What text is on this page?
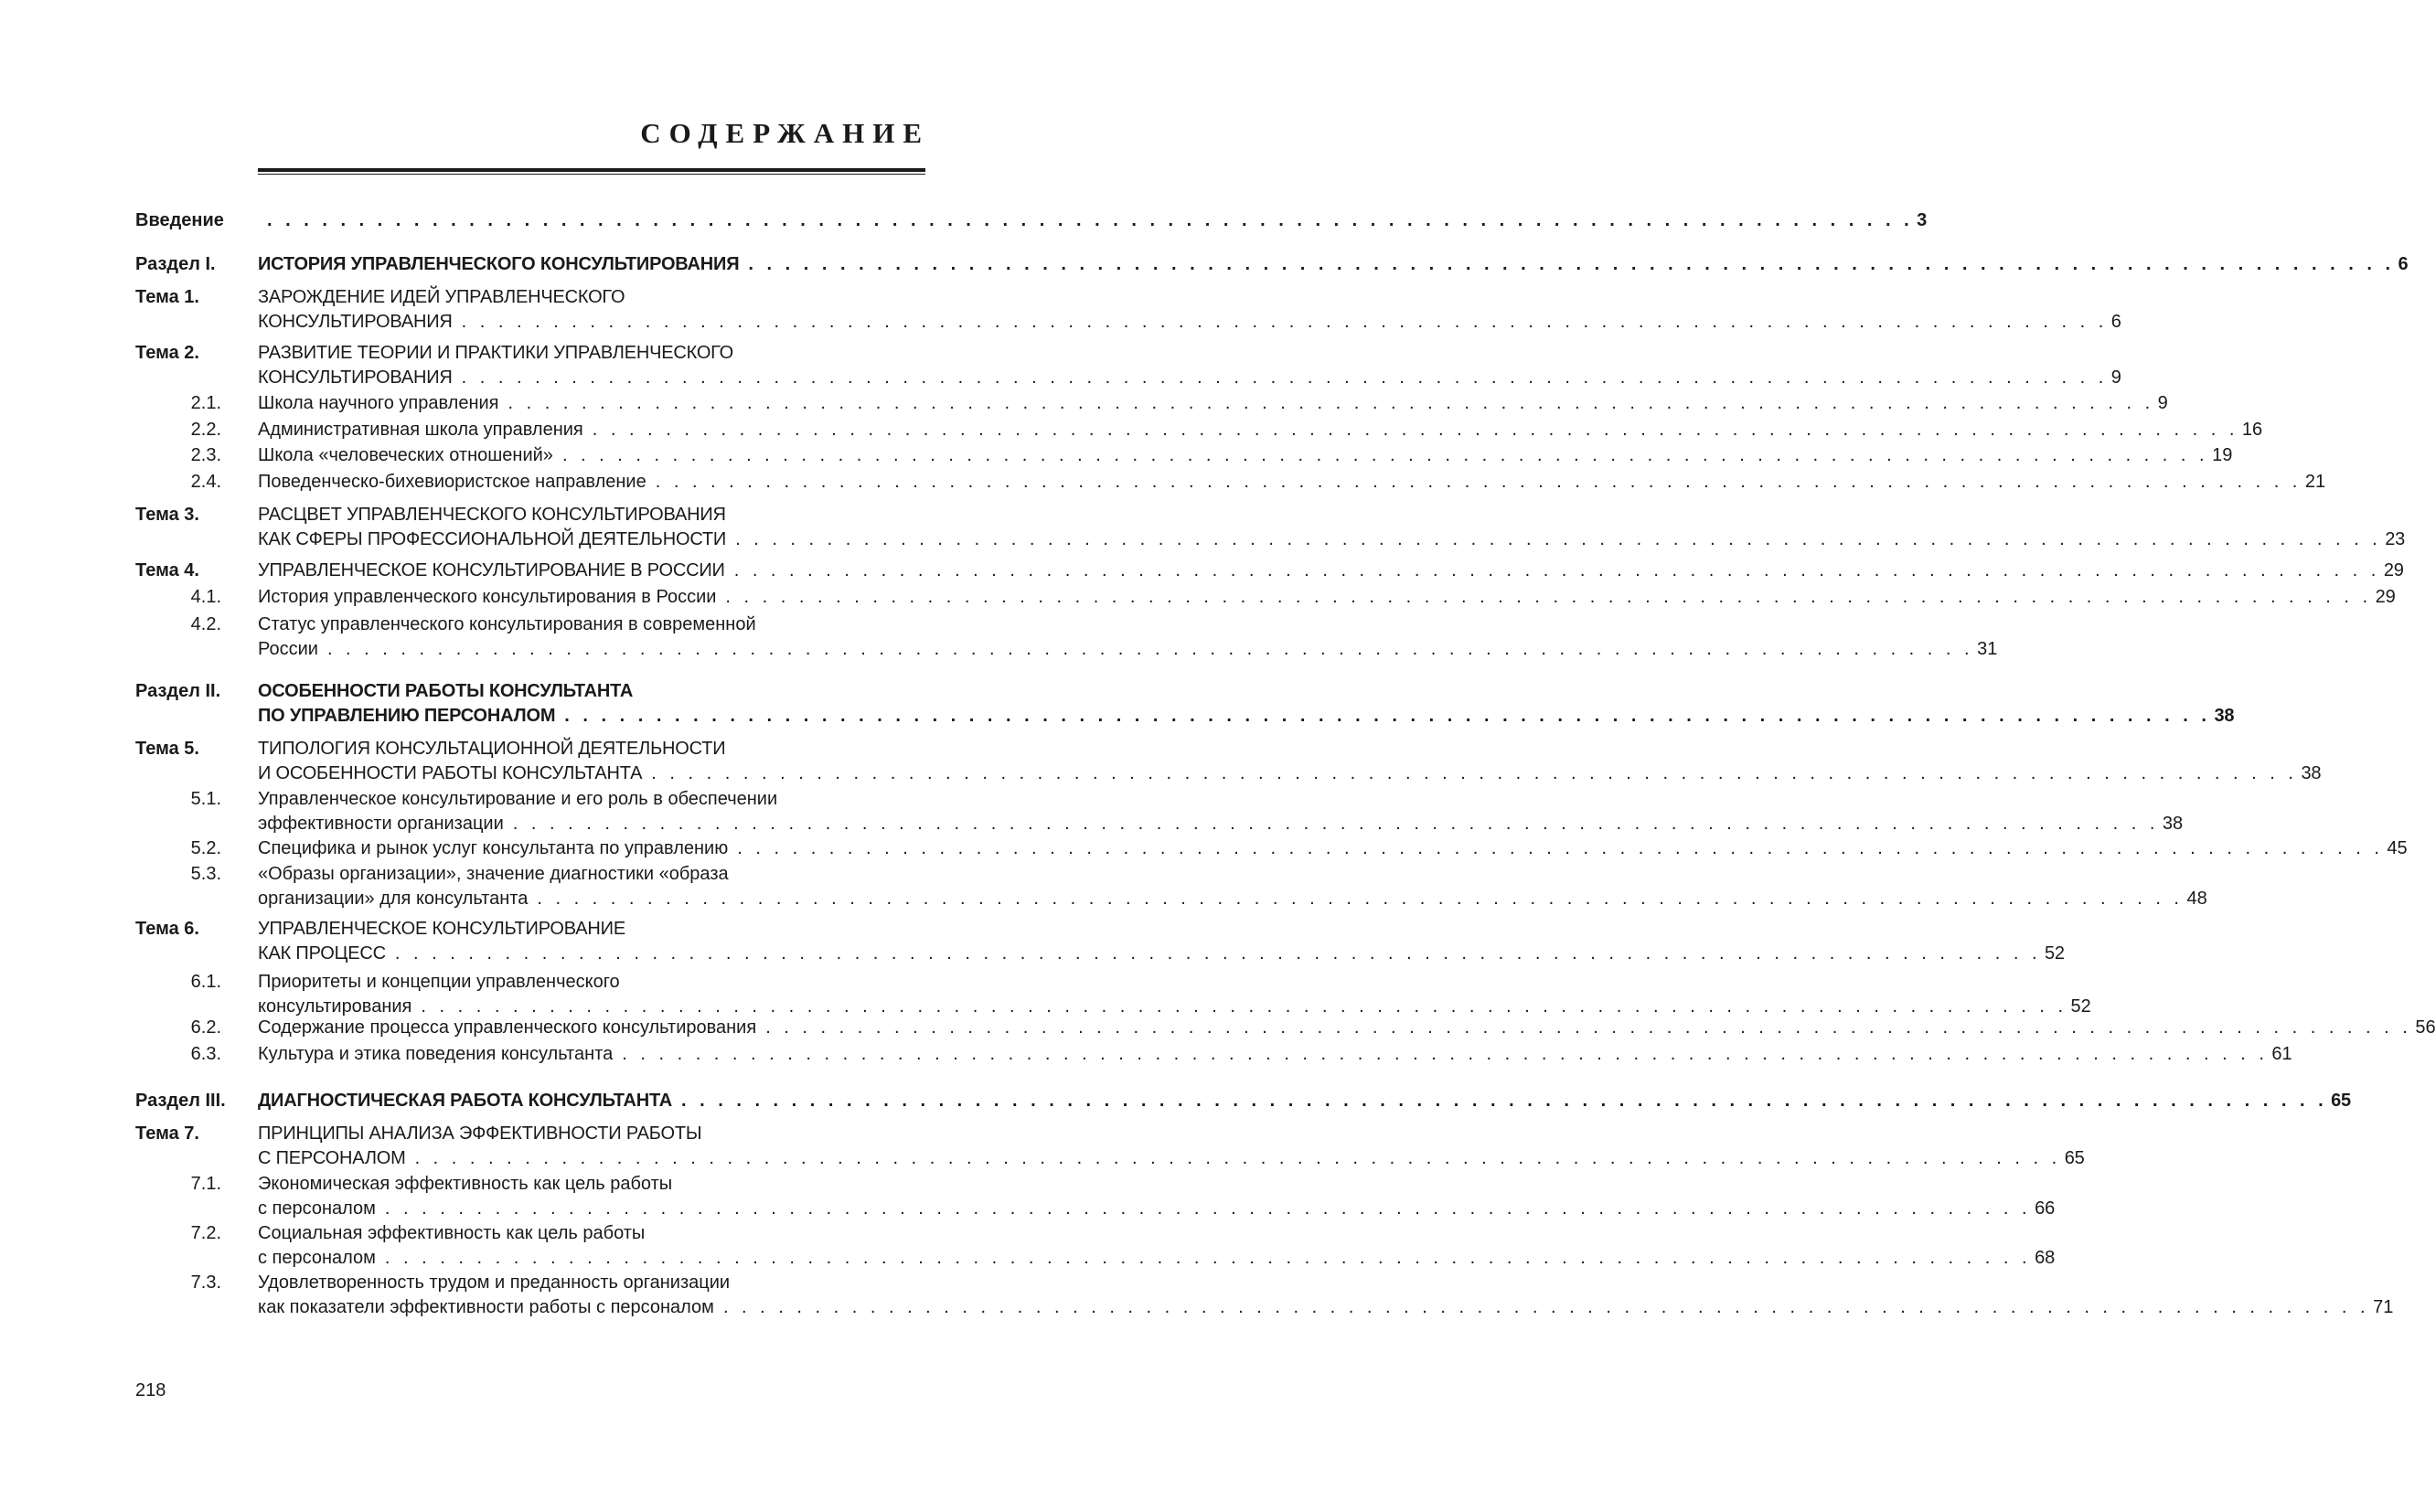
СОДЕРЖАНИЕ
Введение	. . . . . . . . . . . . . . . . . . . . . . . . . . . . . . . . . . . . . . . . . . . . . . . . . . . . . . . . . . . . . . . . . . . . . . . . . . . . . . . . . . . . . . . . . . 3
Раздел I.	ИСТОРИЯ УПРАВЛЕНЧЕСКОГО КОНСУЛЬТИРОВАНИЯ . . . . . . . . . . . . . . . . . . . . . . . . . . . . . . . . . . . . . . . . . . . . . . . . . . . . . . . . . . . . . . . . . . . . . . . . . . . . . . . . . . . . . . . . . . 6
Тема 1.	ЗАРОЖДЕНИЕ ИДЕЙ УПРАВЛЕНЧЕСКОГО
КОНСУЛЬТИРОВАНИЯ . . . . . . . . . . . . . . . . . . . . . . . . . . . . . . . . . . . . . . . . . . . . . . . . . . . . . . . . . . . . . . . . . . . . . . . . . . . . . . . . . . . . . . . . . . 6
Тема 2.	РАЗВИТИЕ ТЕОРИИ И ПРАКТИКИ УПРАВЛЕНЧЕСКОГО
КОНСУЛЬТИРОВАНИЯ . . . . . . . . . . . . . . . . . . . . . . . . . . . . . . . . . . . . . . . . . . . . . . . . . . . . . . . . . . . . . . . . . . . . . . . . . . . . . . . . . . . . . . . . . . 9
2.1. Школа научного управления . . . . . . . . . . . . . . . . . . . . . . . . . . . . . . . . . . . . . . . . . . . . . . . . . . . . . . . . . . . . . . . . . . . . . . . . . . . . . . . . . . . . . . . . . . 9
2.2. Административная школа управления . . . . . . . . . . . . . . . . . . . . . . . . . . . . . . . . . . . . . . . . . . . . . . . . . . . . . . . . . . . . . . . . . . . . . . . . . . . . . . . . . . . . . . . . . . 16
2.3. Школа «человеческих отношений» . . . . . . . . . . . . . . . . . . . . . . . . . . . . . . . . . . . . . . . . . . . . . . . . . . . . . . . . . . . . . . . . . . . . . . . . . . . . . . . . . . . . . . . . . . 19
2.4. Поведенческо-бихевиористское направление . . . . . . . . . . . . . . . . . . . . . . . . . . . . . . . . . . . . . . . . . . . . . . . . . . . . . . . . . . . . . . . . . . . . . . . . . . . . . . . . . . . . . . . . . . 21
Тема 3.	РАСЦВЕТ УПРАВЛЕНЧЕСКОГО КОНСУЛЬТИРОВАНИЯ
КАК СФЕРЫ ПРОФЕССИОНАЛЬНОЙ ДЕЯТЕЛЬНОСТИ . . . . . . . . . . . . . . . . . . . . . . . . . . . . . . . . . . . . . . . . . . . . . . . . . . . . . . . . . . . . . . . . . . . . . . . . . . . . . . . . . . . . . . . . . . 23
Тема 4.	УПРАВЛЕНЧЕСКОЕ КОНСУЛЬТИРОВАНИЕ В РОССИИ . . . . . . . . . . . . . . . . . . . . . . . . . . . . . . . . . . . . . . . . . . . . . . . . . . . . . . . . . . . . . . . . . . . . . . . . . . . . . . . . . . . . . . . . . . 29
4.1. История управленческого консультирования в России . . . . . . . . . . . . . . . . . . . . . . . . . . . . . . . . . . . . . . . . . . . . . . . . . . . . . . . . . . . . . . . . . . . . . . . . . . . . . . . . . . . . . . . . . . 29
4.2. Статус управленческого консультирования в современной
России . . . . . . . . . . . . . . . . . . . . . . . . . . . . . . . . . . . . . . . . . . . . . . . . . . . . . . . . . . . . . . . . . . . . . . . . . . . . . . . . . . . . . . . . . . 31
Раздел II.	ОСОБЕННОСТИ РАБОТЫ КОНСУЛЬТАНТА
ПО УПРАВЛЕНИЮ ПЕРСОНАЛОМ . . . . . . . . . . . . . . . . . . . . . . . . . . . . . . . . . . . . . . . . . . . . . . . . . . . . . . . . . . . . . . . . . . . . . . . . . . . . . . . . . . . . . . . . . . 38
Тема 5.	ТИПОЛОГИЯ КОНСУЛЬТАЦИОННОЙ ДЕЯТЕЛЬНОСТИ
И ОСОБЕННОСТИ РАБОТЫ КОНСУЛЬТАНТА . . . . . . . . . . . . . . . . . . . . . . . . . . . . . . . . . . . . . . . . . . . . . . . . . . . . . . . . . . . . . . . . . . . . . . . . . . . . . . . . . . . . . . . . . . 38
5.1. Управленческое консультирование и его роль в обеспечении
эффективности организации . . . . . . . . . . . . . . . . . . . . . . . . . . . . . . . . . . . . . . . . . . . . . . . . . . . . . . . . . . . . . . . . . . . . . . . . . . . . . . . . . . . . . . . . . . 38
5.2. Специфика и рынок услуг консультанта по управлению . . . . . . . . . . . . . . . . . . . . . . . . . . . . . . . . . . . . . . . . . . . . . . . . . . . . . . . . . . . . . . . . . . . . . . . . . . . . . . . . . . . . . . . . . . 45
5.3. «Образы организации», значение диагностики «образа
организации» для консультанта . . . . . . . . . . . . . . . . . . . . . . . . . . . . . . . . . . . . . . . . . . . . . . . . . . . . . . . . . . . . . . . . . . . . . . . . . . . . . . . . . . . . . . . . . . 48
Тема 6.	УПРАВЛЕНЧЕСКОЕ КОНСУЛЬТИРОВАНИЕ
КАК ПРОЦЕСС . . . . . . . . . . . . . . . . . . . . . . . . . . . . . . . . . . . . . . . . . . . . . . . . . . . . . . . . . . . . . . . . . . . . . . . . . . . . . . . . . . . . . . . . . . 52
6.1. Приоритеты и концепции управленческого
консультирования . . . . . . . . . . . . . . . . . . . . . . . . . . . . . . . . . . . . . . . . . . . . . . . . . . . . . . . . . . . . . . . . . . . . . . . . . . . . . . . . . . . . . . . . . . 52
6.2. Содержание процесса управленческого консультирования . . . . . . . . . . . . . . . . . . . . . . . . . . . . . . . . . . . . . . . . . . . . . . . . . . . . . . . . . . . . . . . . . . . . . . . . . . . . . . . . . . . . . . . . . . 56
6.3. Культура и этика поведения консультанта . . . . . . . . . . . . . . . . . . . . . . . . . . . . . . . . . . . . . . . . . . . . . . . . . . . . . . . . . . . . . . . . . . . . . . . . . . . . . . . . . . . . . . . . . . 61
Раздел III.	ДИАГНОСТИЧЕСКАЯ РАБОТА КОНСУЛЬТАНТА . . . . . . . . . . . . . . . . . . . . . . . . . . . . . . . . . . . . . . . . . . . . . . . . . . . . . . . . . . . . . . . . . . . . . . . . . . . . . . . . . . . . . . . . . . 65
Тема 7.	ПРИНЦИПЫ АНАЛИЗА ЭФФЕКТИВНОСТИ РАБОТЫ
С ПЕРСОНАЛОМ . . . . . . . . . . . . . . . . . . . . . . . . . . . . . . . . . . . . . . . . . . . . . . . . . . . . . . . . . . . . . . . . . . . . . . . . . . . . . . . . . . . . . . . . . . 65
7.1. Экономическая эффективность как цель работы
с персоналом . . . . . . . . . . . . . . . . . . . . . . . . . . . . . . . . . . . . . . . . . . . . . . . . . . . . . . . . . . . . . . . . . . . . . . . . . . . . . . . . . . . . . . . . . . 66
7.2. Социальная эффективность как цель работы
с персоналом . . . . . . . . . . . . . . . . . . . . . . . . . . . . . . . . . . . . . . . . . . . . . . . . . . . . . . . . . . . . . . . . . . . . . . . . . . . . . . . . . . . . . . . . . . 68
7.3. Удовлетворенность трудом и преданность организации
как показатели эффективности работы с персоналом . . . . . . . . . . . . . . . . . . . . . . . . . . . . . . . . . . . . . . . . . . . . . . . . . . . . . . . . . . . . . . . . . . . . . . . . . . . . . . . . . . . . . . . . . . 71
218
